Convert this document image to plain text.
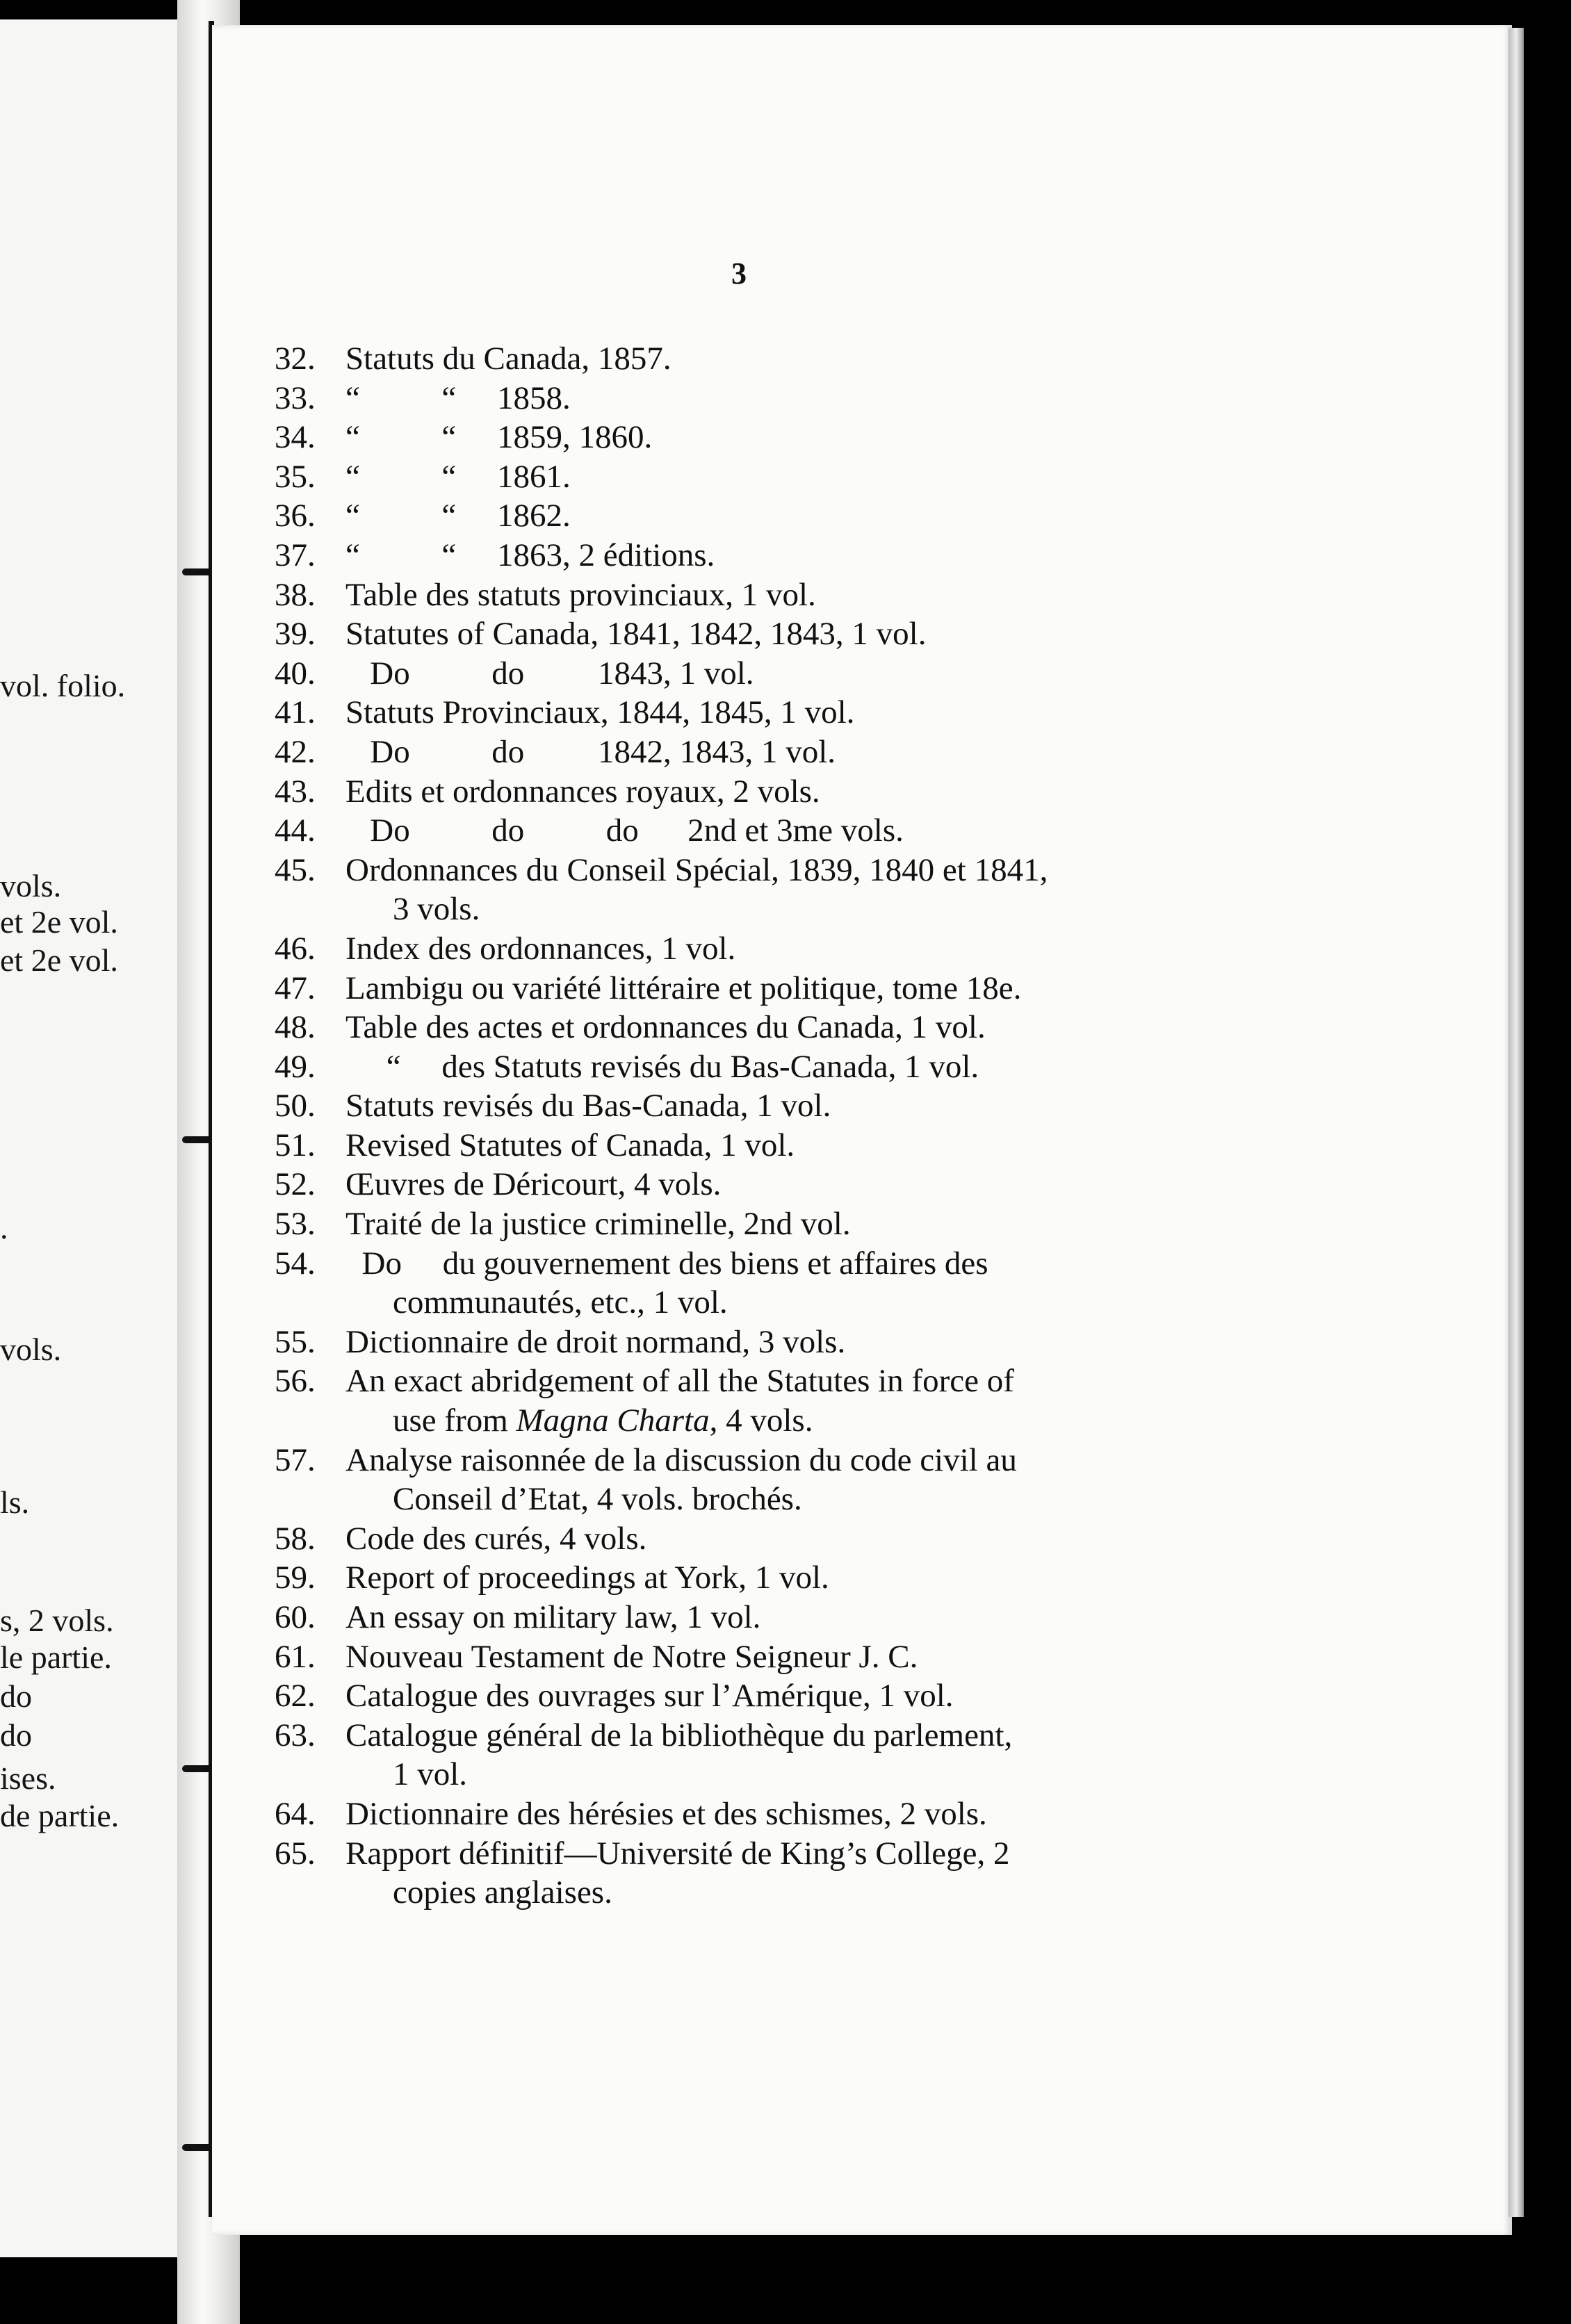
vol. folio.
vols.
et 2e vol.
et 2e vol.
.
vols.
ls.
s, 2 vols.
le partie.
do
do
ises.
de partie.
3
32. Statuts du Canada, 1857.
33. “          “     1858.
34. “          “     1859, 1860.
35. “          “     1861.
36. “          “     1862.
37. “          “     1863, 2 éditions.
38. Table des statuts provinciaux, 1 vol.
39. Statutes of Canada, 1841, 1842, 1843, 1 vol.
40. Do          do         1843, 1 vol.
41. Statuts Provinciaux, 1844, 1845, 1 vol.
42. Do          do         1842, 1843, 1 vol.
43. Edits et ordonnances royaux, 2 vols.
44. Do          do          do      2nd et 3me vols.
45. Ordonnances du Conseil Spécial, 1839, 1840 et 1841,
3 vols.
46. Index des ordonnances, 1 vol.
47. Lambigu ou variété littéraire et politique, tome 18e.
48. Table des actes et ordonnances du Canada, 1 vol.
49. “     des Statuts revisés du Bas-Canada, 1 vol.
50. Statuts revisés du Bas-Canada, 1 vol.
51. Revised Statutes of Canada, 1 vol.
52. Œuvres de Déricourt, 4 vols.
53. Traité de la justice criminelle, 2nd vol.
54. Do     du gouvernement des biens et affaires des
communautés, etc., 1 vol.
55. Dictionnaire de droit normand, 3 vols.
56. An exact abridgement of all the Statutes in force of
use from Magna Charta, 4 vols.
57. Analyse raisonnée de la discussion du code civil au
Conseil d’Etat, 4 vols. brochés.
58. Code des curés, 4 vols.
59. Report of proceedings at York, 1 vol.
60. An essay on military law, 1 vol.
61. Nouveau Testament de Notre Seigneur J. C.
62. Catalogue des ouvrages sur l’Amérique, 1 vol.
63. Catalogue général de la bibliothèque du parlement,
1 vol.
64. Dictionnaire des hérésies et des schismes, 2 vols.
65. Rapport définitif—Université de King’s College, 2
copies anglaises.
